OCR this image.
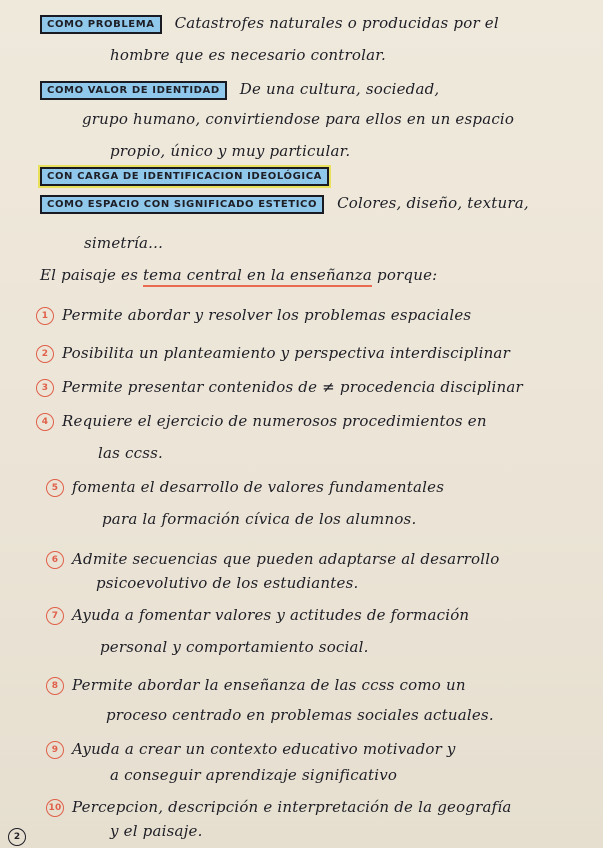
COMO PROBLEMA Catastrofes naturales o producidas por el
hombre que es necesario controlar.
COMO VALOR DE IDENTIDAD De una cultura, sociedad,
grupo humano, convirtiendose para ellos en un espacio
propio, único y muy particular.
CON CARGA DE IDENTIFICACION IDEOLÓGICA
COMO ESPACIO CON SIGNIFICADO ESTETICO Colores, diseño, textura,
simetría...
El paisaje es tema central en la enseñanza porque:
1 Permite abordar y resolver los problemas espaciales
2 Posibilita un planteamiento y perspectiva interdisciplinar
3 Permite presentar contenidos de ≠ procedencia disciplinar
4 Requiere el ejercicio de numerosos procedimientos en
las ccss.
5 fomenta el desarrollo de valores fundamentales
para la formación cívica de los alumnos.
6 Admite secuencias que pueden adaptarse al desarrollo
psicoevolutivo de los estudiantes.
7 Ayuda a fomentar valores y actitudes de formación
personal y comportamiento social.
8 Permite abordar la enseñanza de las ccss como un
proceso centrado en problemas sociales actuales.
9 Ayuda a crear un contexto educativo motivador y
a conseguir aprendizaje significativo
10 Percepcion, descripción e interpretación de la geografía
y el paisaje.
2
